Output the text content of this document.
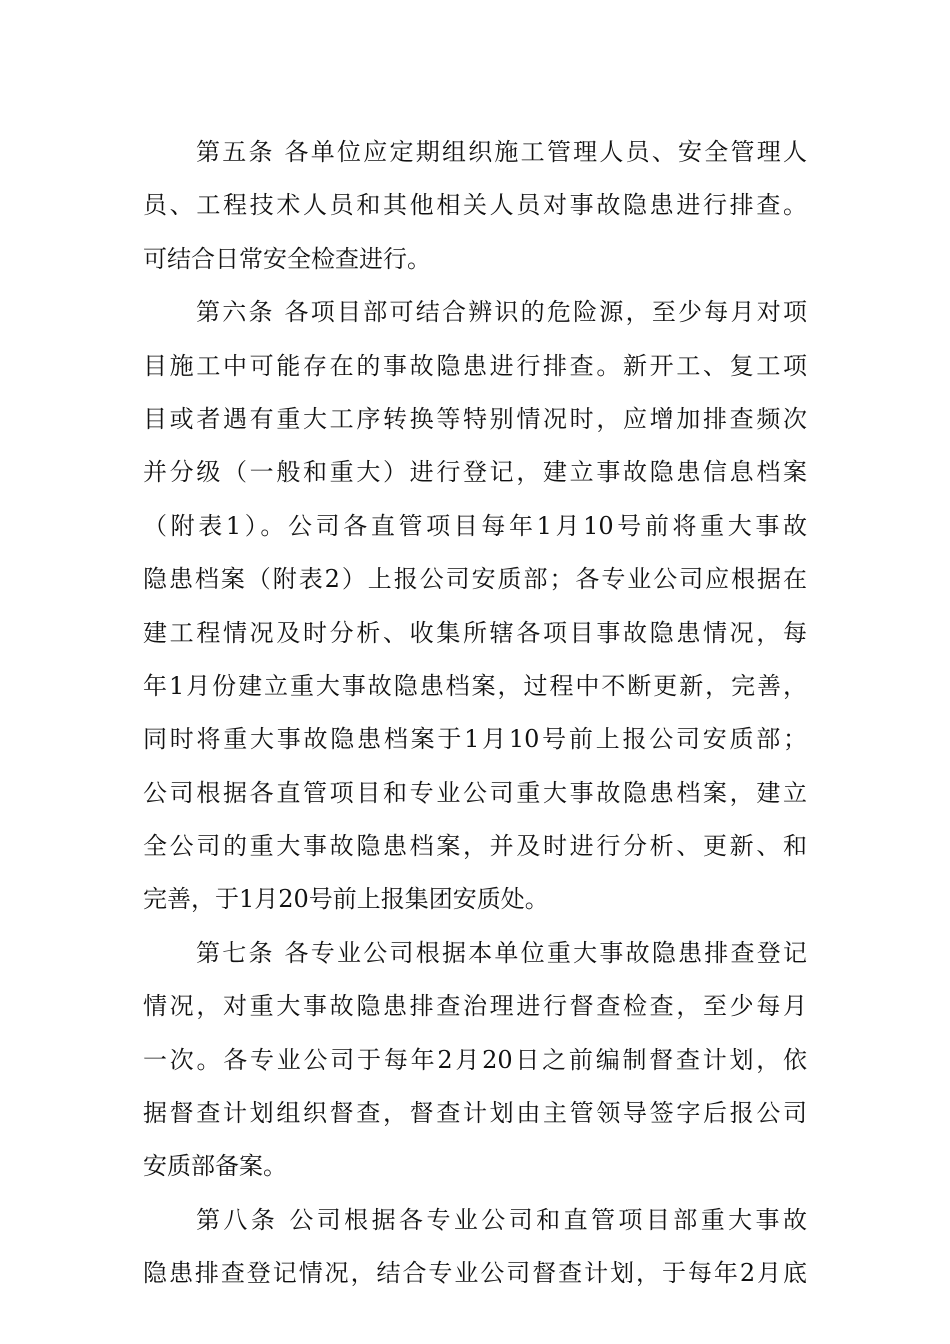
第五条 各单位应定期组织施工管理人员、安全管理人
员、工程技术人员和其他相关人员对事故隐患进行排查。
可结合日常安全检查进行。
第六条 各项目部可结合辨识的危险源，至少每月对项
目施工中可能存在的事故隐患进行排查。新开工、复工项
目或者遇有重大工序转换等特别情况时，应增加排查频次
并分级（一般和重大）进行登记，建立事故隐患信息档案
（附表1）。公司各直管项目每年1月10号前将重大事故
隐患档案（附表2）上报公司安质部；各专业公司应根据在
建工程情况及时分析、收集所辖各项目事故隐患情况，每
年1月份建立重大事故隐患档案，过程中不断更新，完善，
同时将重大事故隐患档案于1月10号前上报公司安质部；
公司根据各直管项目和专业公司重大事故隐患档案，建立
全公司的重大事故隐患档案，并及时进行分析、更新、和
完善，于1月20号前上报集团安质处。
第七条 各专业公司根据本单位重大事故隐患排查登记
情况，对重大事故隐患排查治理进行督查检查，至少每月
一次。各专业公司于每年2月20日之前编制督查计划，依
据督查计划组织督查，督查计划由主管领导签字后报公司
安质部备案。
第八条 公司根据各专业公司和直管项目部重大事故
隐患排查登记情况，结合专业公司督查计划，于每年2月底
